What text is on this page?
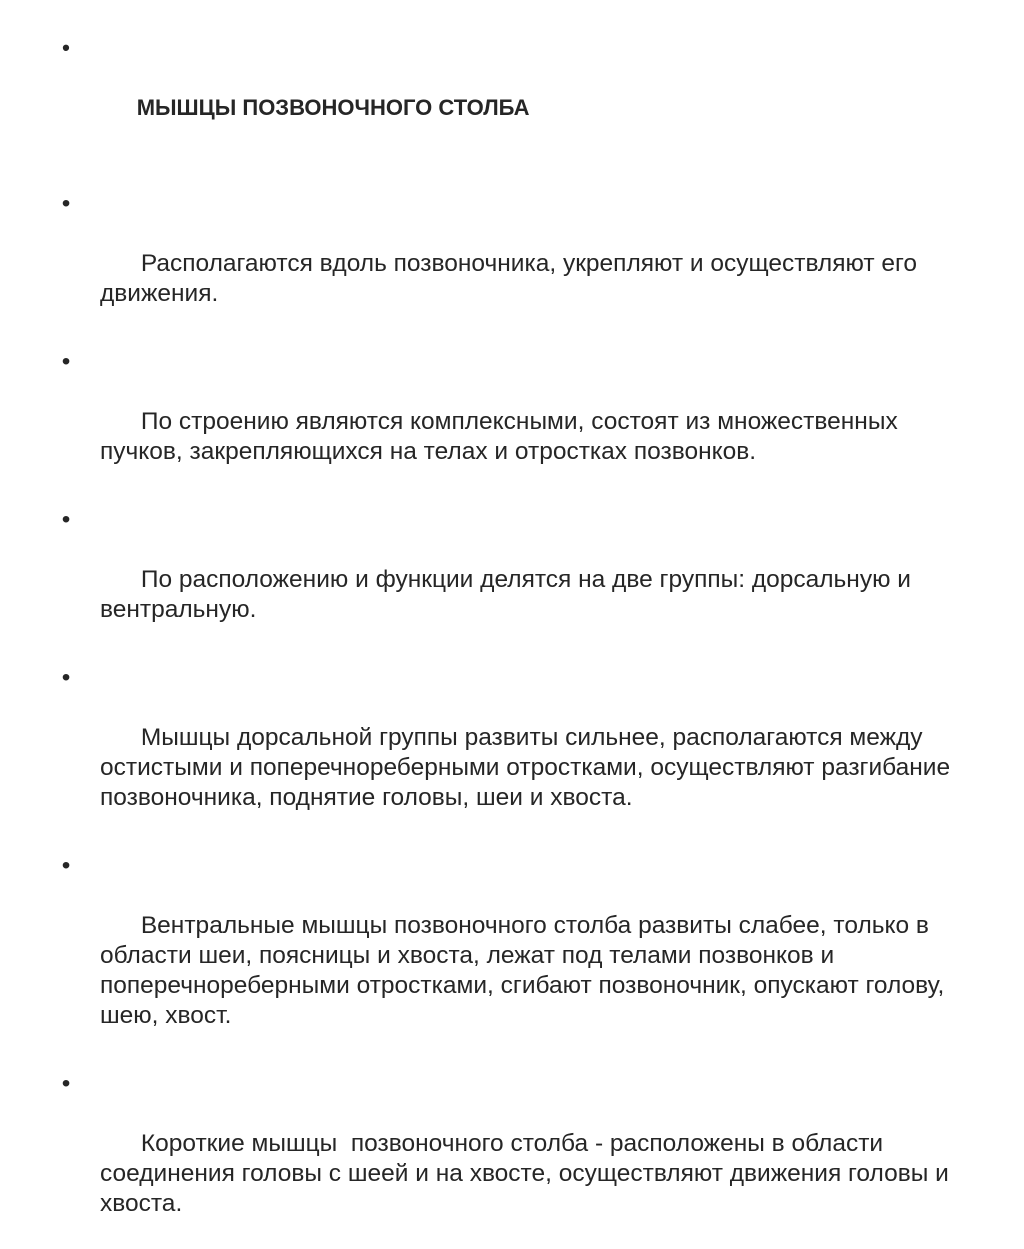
•

МЫШЦЫ ПОЗВОНОЧНОГО СТОЛБА

•

Располагаются вдоль позвоночника, укрепляют и осуществляют его движения.

•

По строению являются комплексными, состоят из множественных пучков, закрепляющихся на телах и отростках позвонков.

•

По расположению и функции делятся на две группы: дорсальную и вентральную.

•

Мышцы дорсальной группы развиты сильнее, располагаются между остистыми и поперечнореберными отростками, осуществляют разгибание позвоночника, поднятие головы, шеи и хвоста.

•

Вентральные мышцы позвоночного столба развиты слабее, только в области шеи, поясницы и хвоста, лежат под телами позвонков и поперечнореберными отростками, сгибают позвоночник, опускают голову, шею, хвост.

•

Короткие мышцы  позвоночного столба - расположены в области соединения головы с шеей и на хвосте, осуществляют движения головы и хвоста.
